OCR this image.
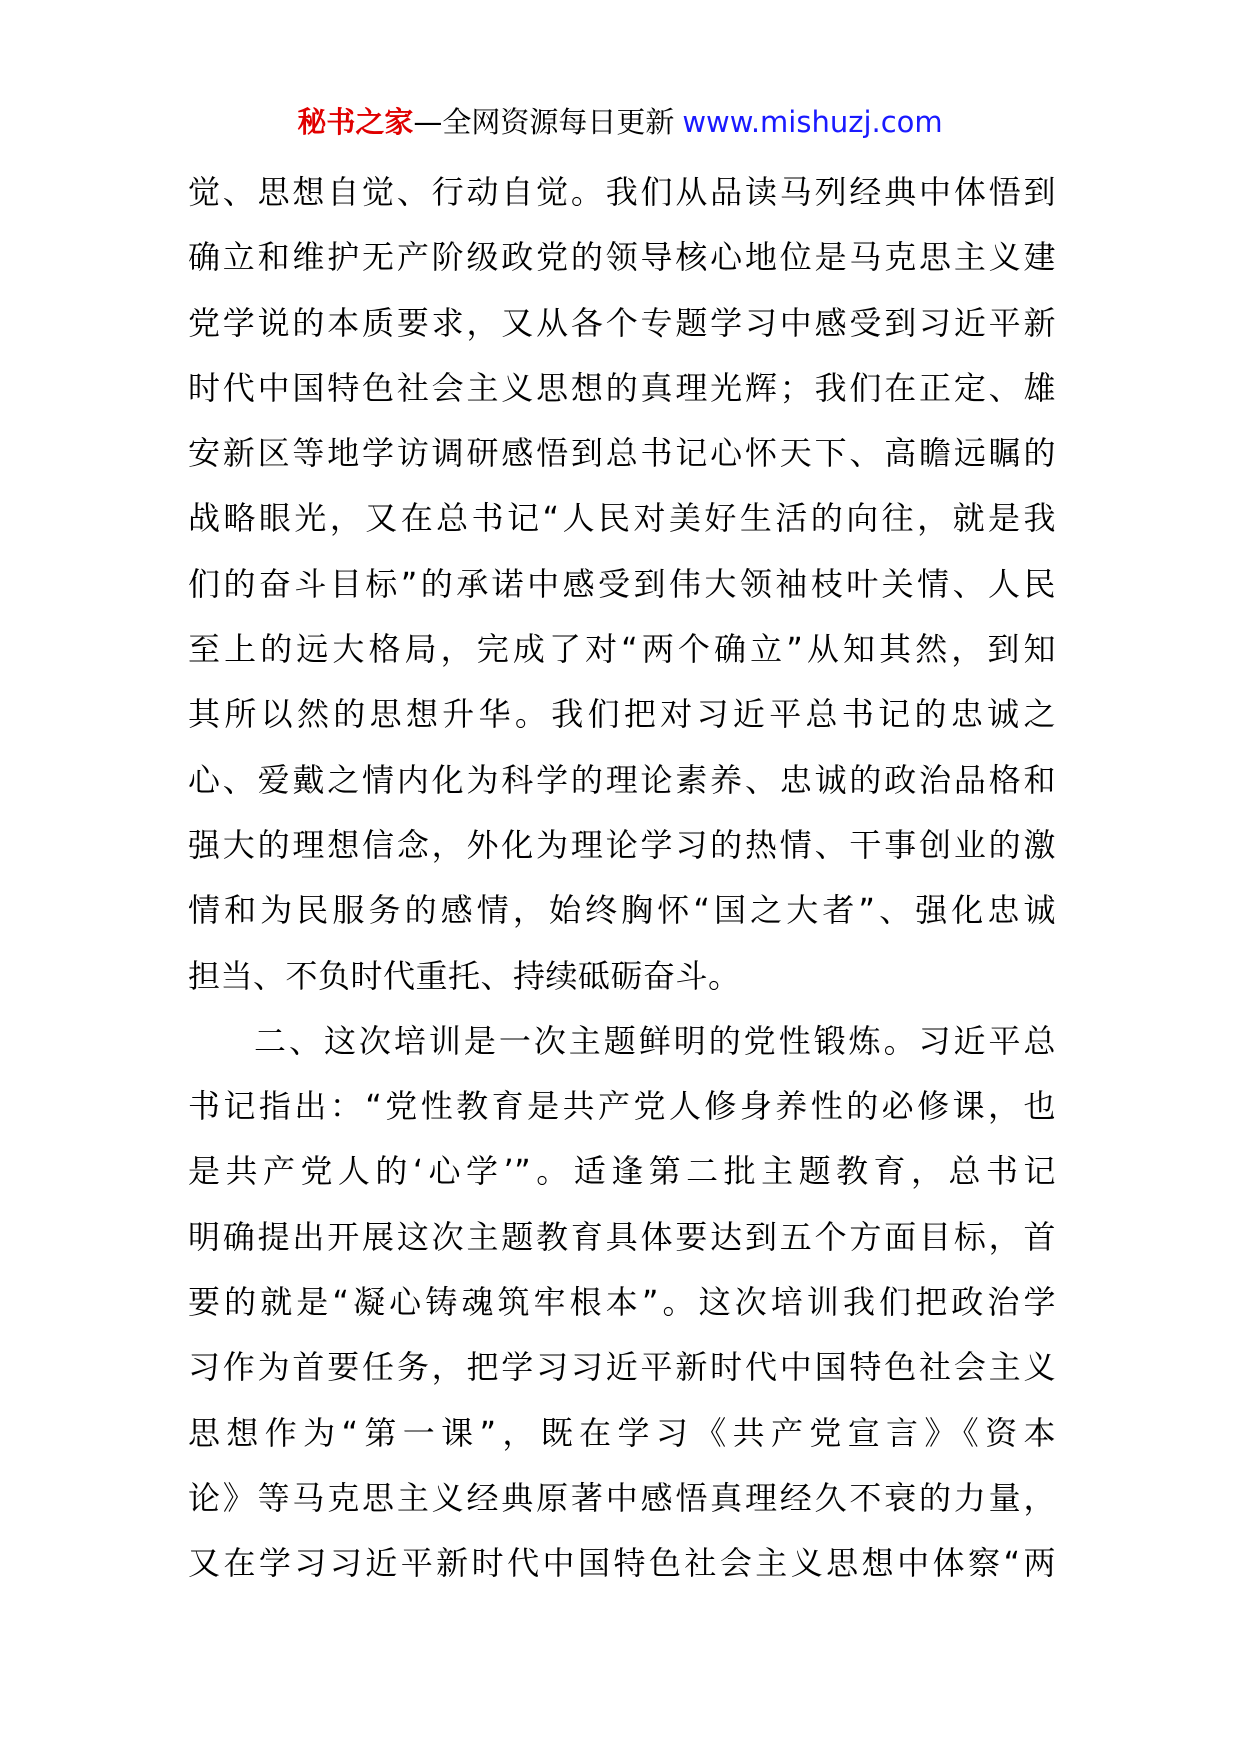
秘书之家—全网资源每日更新 www.mishuzj.com
觉、思想自觉、行动自觉。我们从品读马列经典中体悟到
确立和维护无产阶级政党的领导核心地位是马克思主义建
党学说的本质要求，又从各个专题学习中感受到习近平新
时代中国特色社会主义思想的真理光辉；我们在正定、雄
安新区等地学访调研感悟到总书记心怀天下、高瞻远瞩的
战略眼光，又在总书记“人民对美好生活的向往，就是我
们的奋斗目标”的承诺中感受到伟大领袖枝叶关情、人民
至上的远大格局，完成了对“两个确立”从知其然，到知
其所以然的思想升华。我们把对习近平总书记的忠诚之
心、爱戴之情内化为科学的理论素养、忠诚的政治品格和
强大的理想信念，外化为理论学习的热情、干事创业的激
情和为民服务的感情，始终胸怀“国之大者”、强化忠诚
担当、不负时代重托、持续砥砺奋斗。
二、这次培训是一次主题鲜明的党性锻炼。习近平总
书记指出：“党性教育是共产党人修身养性的必修课，也
是共产党人的‘心学’”。适逢第二批主题教育，总书记
明确提出开展这次主题教育具体要达到五个方面目标，首
要的就是“凝心铸魂筑牢根本”。这次培训我们把政治学
习作为首要任务，把学习习近平新时代中国特色社会主义
思想作为“第一课”，既在学习《共产党宣言》《资本
论》等马克思主义经典原著中感悟真理经久不衰的力量，
又在学习习近平新时代中国特色社会主义思想中体察“两
